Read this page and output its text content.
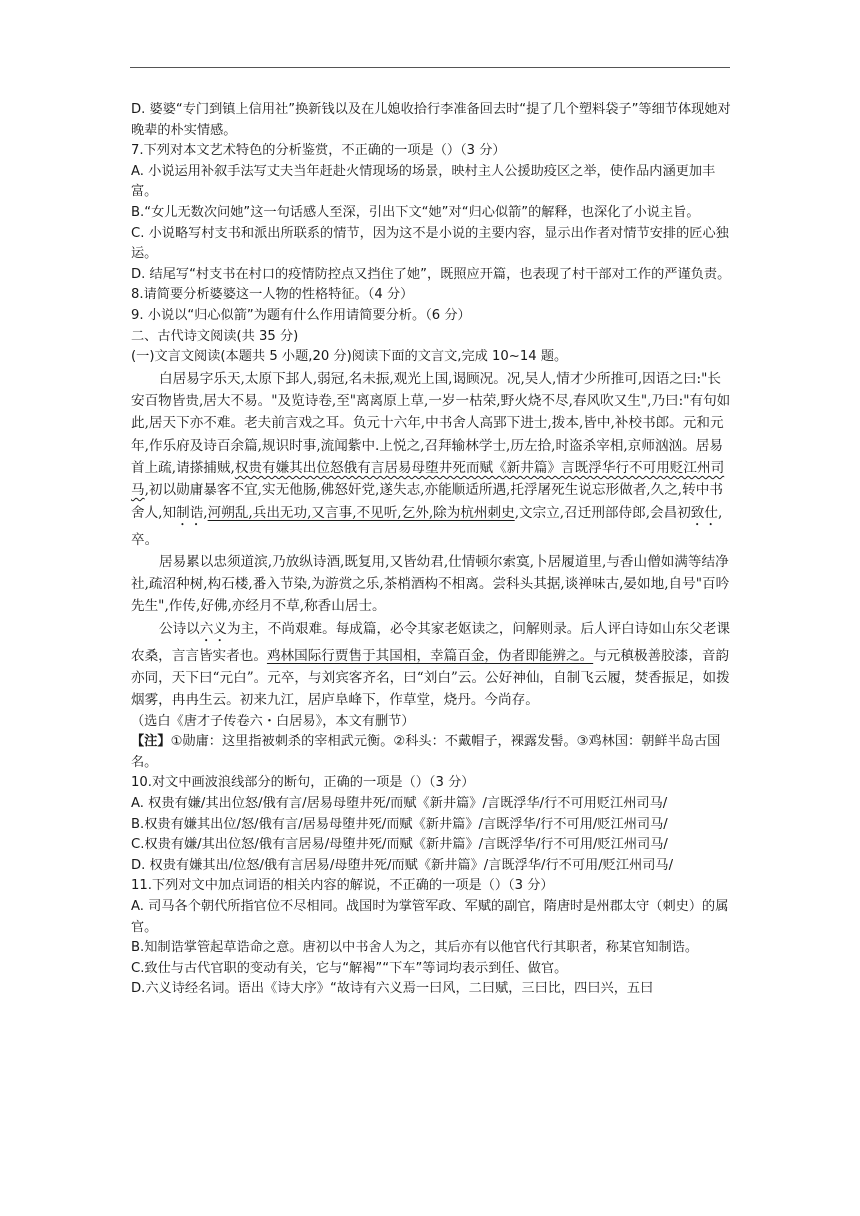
D. 婆婆“专门到镇上信用社”换新钱以及在儿媳收拾行李准备回去时“提了几个塑料袋子”等细节体现她对晚辈的朴实情感。

7.下列对本文艺术特色的分析鉴赏，不正确的一项是（）（3 分）

A. 小说运用补叙手法写丈夫当年赶赴火情现场的场景，映村主人公援助疫区之举，使作品内涵更加丰富。

B.“女儿无数次问她”这一句话感人至深，引出下文“她”对“归心似箭”的解释，也深化了小说主旨。

C. 小说略写村支书和派出所联系的情节，因为这不是小说的主要内容，显示出作者对情节安排的匠心独运。

D. 结尾写“村支书在村口的疫情防控点又挡住了她”，既照应开篇，也表现了村干部对工作的严谨负责。

8.请简要分析婆婆这一人物的性格特征。（4 分）

9. 小说以“归心似箭”为题有什么作用请简要分析。（6 分）

二、古代诗文阅读(共 35 分)

(一)文言文阅读(本题共 5 小题,20 分)阅读下面的文言文,完成 10~14 题。

白居易字乐天,太原下邽人,弱冠,名未振,观光上国,谒顾况。况,吴人,情才少所推可,因语之曰:"长安百物皆贵,居大不易。"及览诗卷,至"离离原上草,一岁一枯荣,野火烧不尽,春风吹又生",乃曰:"有句如此,居天下亦不难。老夫前言戏之耳。负元十六年,中书舍人高郢下进士,拨本,皆中,补校书郎。元和元年,作乐府及诗百余篇,规识时事,流闻紫中.上悦之,召拜输林学士,历左拾,时盗杀宰相,京师汹汹。居易首上疏,请搽捕贼,权贵有嫌其出位怒俄有言居易母堕井死而赋《新井篇》言既浮华行不可用贬江州司马,初以勋庸暴客不宜,实无他肠,佛怒奸党,遂失志,亦能顺适所遇,托浮屠死生说忘形做者,久之,转中书舍人,知制诰,河朔乱,兵出无功,又言事,不见听,乞外,除为杭州刺史,文宗立,召迁刑部侍郎,会昌初致仕,卒。

居易累以忠须道滨,乃放纵诗酒,既复用,又皆幼君,仕情顿尔索寞,卜居履道里,与香山僧如满等结净社,疏沼种树,构石楼,番入节染,为游赏之乐,茶梢酒构不相离。尝科头其据,谈禅味古,晏如地,自号"百吟先生",作传,好佛,亦经月不草,称香山居士。

公诗以六义为主，不尚艰难。每成篇，必令其家老妪读之，问解则录。后人评白诗如山东父老课农桑，言言皆实者也。鸡林国际行贾售于其国相，幸篇百金，伪者即能辨之。与元稹极善胶漆，音韵亦同，天下曰“元白”。元卒，与刘宾客齐名，曰“刘白”云。公好神仙，自制飞云履，焚香振足，如拨烟雾，冉冉生云。初来九江，居庐阜峰下，作草堂，烧丹。今尚存。

（选白《唐才子传卷六・白居易》，本文有删节）

【注】①勋庸：这里指被刺杀的宰相武元衡。②科头：不戴帽子，裸露发髻。③鸡林国：朝鲜半岛古国名。

10.对文中画波浪线部分的断句，正确的一项是（）（3 分）

A. 权贵有嫌/其出位怒/俄有言/居易母堕井死/而赋《新井篇》/言既浮华/行不可用贬江州司马/

B.权贵有嫌其出位/怒/俄有言/居易母堕井死/而赋《新井篇》/言既浮华/行不可用/贬江州司马/

C.权贵有嫌/其出位怒/俄有言居易/母堕井死/而赋《新井篇》/言既浮华/行不可用/贬江州司马/

D. 权贵有嫌其出/位怒/俄有言居易/母堕井死/而赋《新井篇》/言既浮华/行不可用/贬江州司马/

11.下列对文中加点词语的相关内容的解说，不正确的一项是（）（3 分）

A. 司马各个朝代所指官位不尽相同。战国时为掌管军政、军赋的副官，隋唐时是州郡太守（刺史）的属官。

B.知制诰掌管起草诰命之意。唐初以中书舍人为之，其后亦有以他官代行其职者，称某官知制诰。

C.致仕与古代官职的变动有关，它与“解褐”“下车”等词均表示到任、做官。

D.六义诗经名词。语出《诗大序》“故诗有六义焉一曰风，二曰赋，三曰比，四曰兴，五曰
